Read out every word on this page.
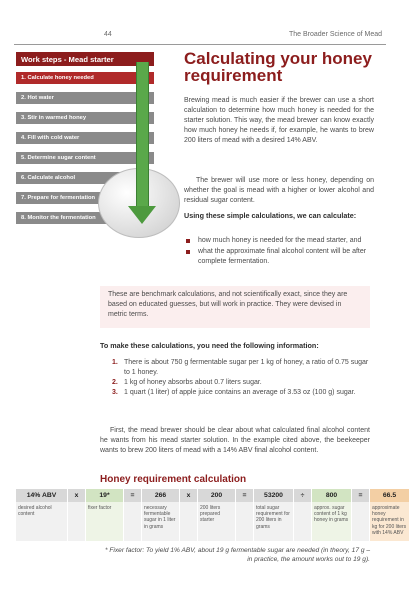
44	The Broader Science of Mead
Work steps - Mead starter
1. Calculate honey needed
2. Hot water
3. Stir in warmed honey
4. Fill with cold water
5. Determine sugar content
6. Calculate alcohol
7. Prepare for fermentation
8. Monitor the fermentation
Calculating your honey requirement
Brewing mead is much easier if the brewer can use a short calculation to determine how much honey is needed for the starter solution. This way, the mead brewer can know exactly how much honey he needs if, for example, he wants to brew 200 liters of mead with a desired 14% ABV.
The brewer will use more or less honey, depending on whether the goal is mead with a higher or lower alcohol and residual sugar content.
Using these simple calculations, we can calculate:
how much honey is needed for the mead starter, and
what the approximate final alcohol content will be after complete fermentation.
These are benchmark calculations, and not scientifically exact, since they are based on educated guesses, but will work in practice. They were devised in metric terms.
To make these calculations, you need the following information:
1. There is about 750 g fermentable sugar per 1 kg of honey, a ratio of 0.75 sugar to 1 honey.
2. 1 kg of honey absorbs about 0.7 liters sugar.
3. 1 quart (1 liter) of apple juice contains an average of 3.53 oz (100 g) sugar.
First, the mead brewer should be clear about what calculated final alcohol content he wants from his mead starter solution. In the example cited above, the beekeeper wants to brew 200 liters of mead with a 14% ABV final alcohol content.
Honey requirement calculation
14% ABV
desired alcohol content
x	19*
fixer factor
=	266
necessary fermentable sugar in 1 liter in grams
x	200
200 liters prepared starter
=	53200
total sugar requirement for 200 liters in grams
÷	800
approx. sugar content of 1 kg honey in grams
=	66.5
approximate honey requirement in kg for 200 liters with 14% ABV
* Fixer factor: To yield 1% ABV, about 19 g fermentable sugar are needed (in theory, 17 g – in practice, the amount works out to 19 g).
